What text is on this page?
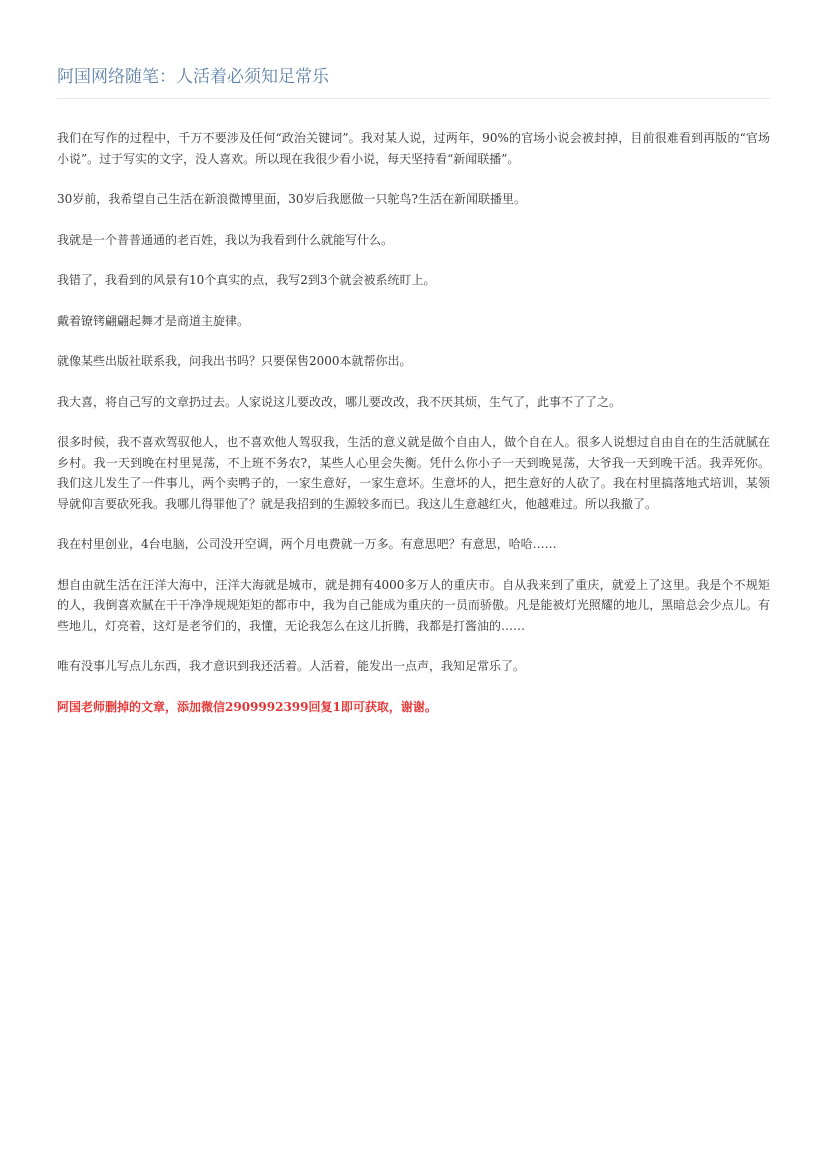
阿国网络随笔：人活着必须知足常乐

我们在写作的过程中，千万不要涉及任何“政治关键词”。我对某人说，过两年，90%的官场小说会被封掉，目前很难看到再版的“官场小说”。过于写实的文字，没人喜欢。所以现在我很少看小说，每天坚持看“新闻联播”。

30岁前，我希望自己生活在新浪微博里面，30岁后我愿做一只鸵鸟?生活在新闻联播里。

我就是一个普普通通的老百姓，我以为我看到什么就能写什么。

我错了，我看到的风景有10个真实的点，我写2到3个就会被系统盯上。

戴着镣铐翩翩起舞才是商道主旋律。

就像某些出版社联系我，问我出书吗？只要保售2000本就帮你出。

我大喜，将自己写的文章扔过去。人家说这儿要改改，哪儿要改改，我不厌其烦，生气了，此事不了了之。

很多时候，我不喜欢驾驭他人，也不喜欢他人驾驭我，生活的意义就是做个自由人，做个自在人。很多人说想过自由自在的生活就腻在乡村。我一天到晚在村里晃荡，不上班不务农?，某些人心里会失衡。凭什么你小子一天到晚晃荡，大爷我一天到晚干活。我弄死你。我们这儿发生了一件事儿，两个卖鸭子的，一家生意好，一家生意坏。生意坏的人，把生意好的人砍了。我在村里搞落地式培训，某领导就仰言要砍死我。我哪儿得罪他了？就是我招到的生源较多而已。我这儿生意越红火，他越难过。所以我撤了。

我在村里创业，4台电脑，公司没开空调，两个月电费就一万多。有意思吧？有意思，哈哈……

想自由就生活在汪洋大海中，汪洋大海就是城市，就是拥有4000多万人的重庆市。自从我来到了重庆，就爱上了这里。我是个不规矩的人，我倒喜欢腻在干干净净规规矩矩的都市中，我为自己能成为重庆的一员而骄傲。凡是能被灯光照耀的地儿，黑暗总会少点儿。有些地儿，灯亮着，这灯是老爷们的，我懂，无论我怎么在这儿折腾，我都是打酱油的……

唯有没事儿写点儿东西，我才意识到我还活着。人活着，能发出一点声，我知足常乐了。

阿国老师删掉的文章，添加微信2909992399回复1即可获取，谢谢。
